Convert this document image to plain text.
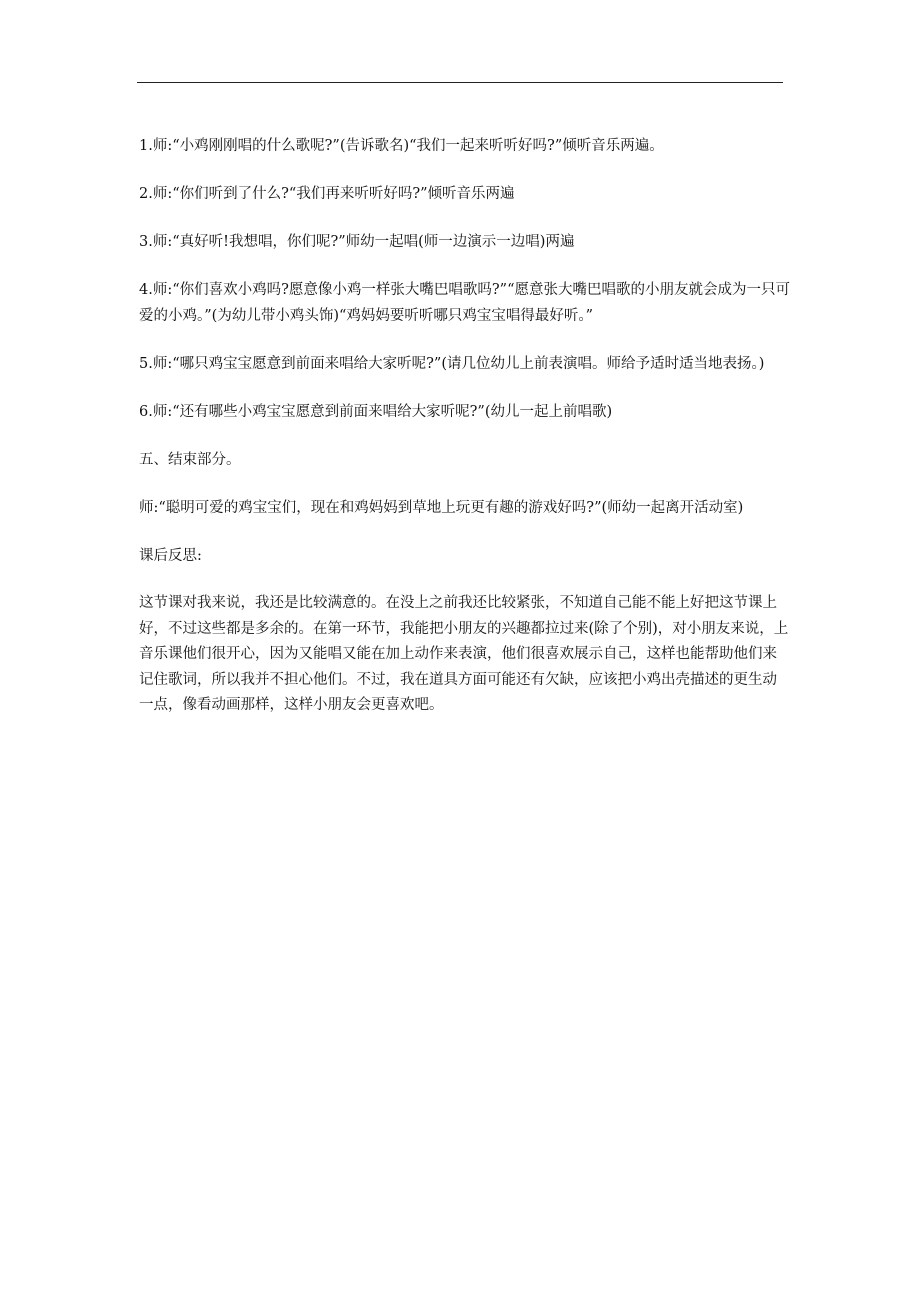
1.师:“小鸡刚刚唱的什么歌呢?”(告诉歌名)“我们一起来听听好吗?”倾听音乐两遍。

2.师:“你们听到了什么?“我们再来听听好吗?”倾听音乐两遍

3.师:“真好听!我想唱，你们呢?”师幼一起唱(师一边演示一边唱)两遍

4.师:“你们喜欢小鸡吗?愿意像小鸡一样张大嘴巴唱歌吗?”“愿意张大嘴巴唱歌的小朋友就会成为一只可爱的小鸡。”(为幼儿带小鸡头饰)“鸡妈妈要听听哪只鸡宝宝唱得最好听。”

5.师:“哪只鸡宝宝愿意到前面来唱给大家听呢?”(请几位幼儿上前表演唱。师给予适时适当地表扬。)

6.师:“还有哪些小鸡宝宝愿意到前面来唱给大家听呢?”(幼儿一起上前唱歌)

五、结束部分。

师:“聪明可爱的鸡宝宝们，现在和鸡妈妈到草地上玩更有趣的游戏好吗?”(师幼一起离开活动室)

课后反思:

这节课对我来说，我还是比较满意的。在没上之前我还比较紧张，不知道自己能不能上好把这节课上好，不过这些都是多余的。在第一环节，我能把小朋友的兴趣都拉过来(除了个别)，对小朋友来说，上音乐课他们很开心，因为又能唱又能在加上动作来表演，他们很喜欢展示自己，这样也能帮助他们来记住歌词，所以我并不担心他们。不过，我在道具方面可能还有欠缺，应该把小鸡出壳描述的更生动一点，像看动画那样，这样小朋友会更喜欢吧。
